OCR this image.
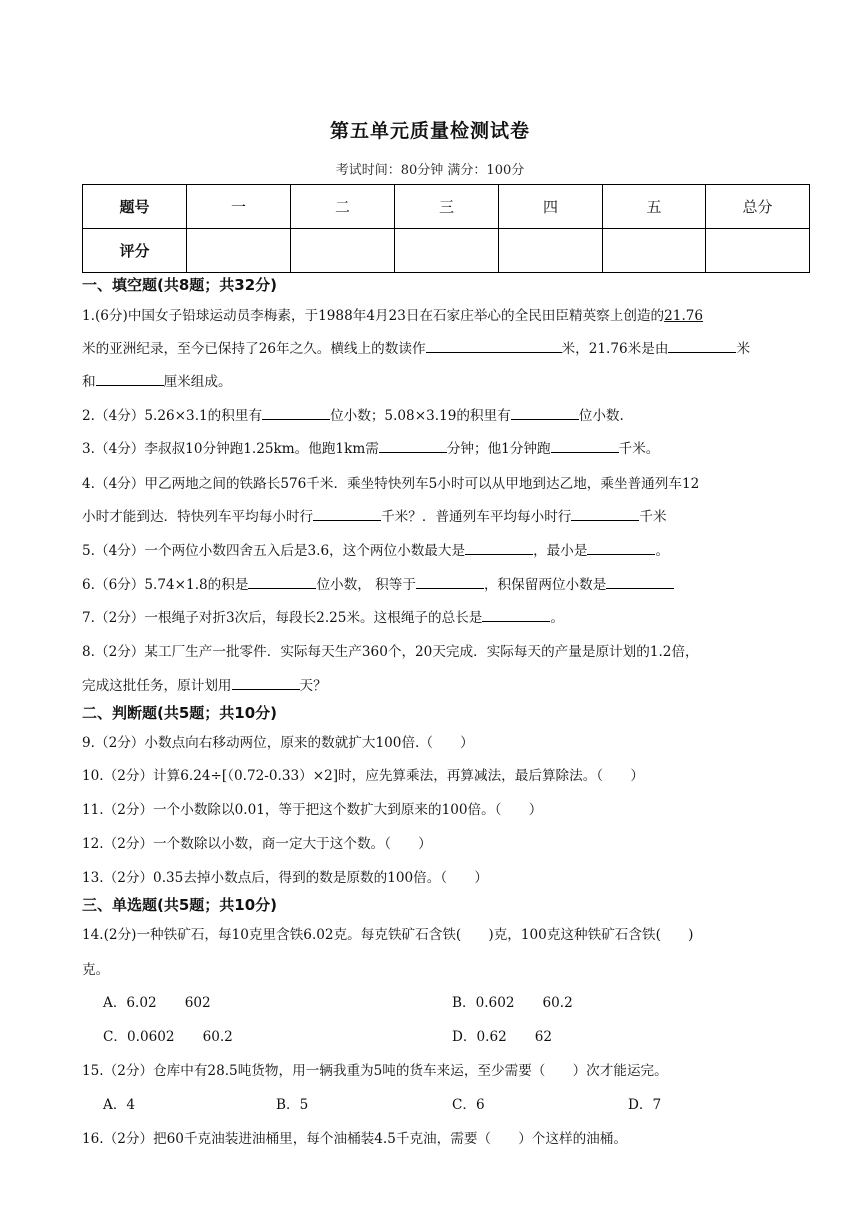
第五单元质量检测试卷
考试时间：80分钟 满分：100分
题号	一	二	三	四	五	总分
评分						
一、填空题(共8题；共32分)
1.(6分)中国女子铅球运动员李梅素，于1988年4月23日在石家庄举心的全民田臣精英察上创造的21.76
米的亚洲纪录，至今已保持了26年之久。横线上的数读作	米，21.76米是由	米
和	厘米组成。
2.（4分）5.26×3.1的积里有	位小数；5.08×3.19的积里有	位小数.
3.（4分）李叔叔10分钟跑1.25km。他跑1km需	分钟；他1分钟跑	千米。
4.（4分）甲乙两地之间的铁路长576千米．乘坐特快列车5小时可以从甲地到达乙地，乘坐普通列车12
小时才能到达．特快列车平均每小时行	千米？．普通列车平均每小时行	千米
5.（4分）一个两位小数四舍五入后是3.6，这个两位小数最大是	，最小是	。
6.（6分）5.74×1.8的积是	位小数， 积等于	，积保留两位小数是
7.（2分）一根绳子对折3次后，每段长2.25米。这根绳子的总长是	。
8.（2分）某工厂生产一批零件．实际每天生产360个，20天完成．实际每天的产量是原计划的1.2倍，
完成这批任务，原计划用	天？
二、判断题(共5题；共10分)
9.（2分）小数点向右移动两位，原来的数就扩大100倍.（　　）
10.（2分）计算6.24÷[（0.72-0.33）×2]时，应先算乘法，再算减法，最后算除法。（　　）
11.（2分）一个小数除以0.01，等于把这个数扩大到原来的100倍。（　　）
12.（2分）一个数除以小数，商一定大于这个数。（　　）
13.（2分）0.35去掉小数点后，得到的数是原数的100倍。（　　）
三、单选题(共5题；共10分)
14.(2分)一种铁矿石，每10克里含铁6.02克。每克铁矿石含铁(　　)克，100克这种铁矿石含铁(　　)
克。
A．6.02 602	B．0.602 60.2
C．0.0602 60.2	D．0.62 62
15.（2分）仓库中有28.5吨货物，用一辆我重为5吨的货车来运，至少需要（　　）次才能运完。
A．4	B．5	C．6	D．7
16.（2分）把60千克油装进油桶里，每个油桶装4.5千克油，需要（　　）个这样的油桶。
